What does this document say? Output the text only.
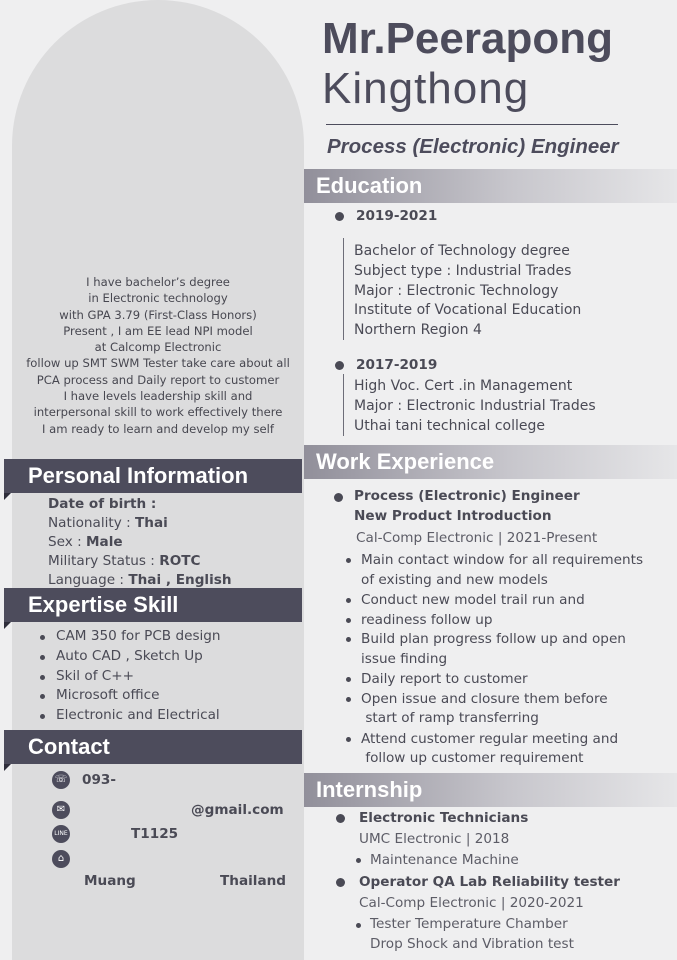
I have bachelor’s degree
in Electronic technology
with GPA 3.79 (First-Class Honors)
Present , I am EE lead NPI model
at Calcomp Electronic
follow up SMT SWM Tester take care about all
PCA process and Daily report to customer
I have levels leadership skill and
interpersonal skill to work effectively there
I am ready to learn and develop my self
Personal Information
Date of birth :
Nationality : Thai
Sex : Male
Military Status : ROTC
Language : Thai , English
Expertise Skill
CAM 350 for PCB design
Auto CAD , Sketch Up
Skil of C++
Microsoft office
Electronic and Electrical
Contact
☏ 093-
✉	@gmail.com
LINE	T1125
⌂
Muang	Thailand
Mr.Peerapong
Kingthong
Process (Electronic) Engineer
Education
2019-2021
Bachelor of Technology degree
Subject type : Industrial Trades
Major : Electronic Technology
Institute of Vocational Education
Northern Region 4
2017-2019
High Voc. Cert .in Management
Major : Electronic Industrial Trades
Uthai tani technical college
Work Experience
Process (Electronic) Engineer
New Product Introduction
Cal-Comp Electronic | 2021-Present
Main contact window for all requirements
of existing and new models
Conduct new model trail run and
readiness follow up
Build plan progress follow up and open
issue finding
Daily report to customer
Open issue and closure them before
start of ramp transferring
Attend customer regular meeting and
follow up customer requirement
Internship
Electronic Technicians
UMC Electronic | 2018
Maintenance Machine
Operator QA Lab Reliability tester
Cal-Comp Electronic | 2020-2021
Tester Temperature Chamber
Drop Shock and Vibration test
